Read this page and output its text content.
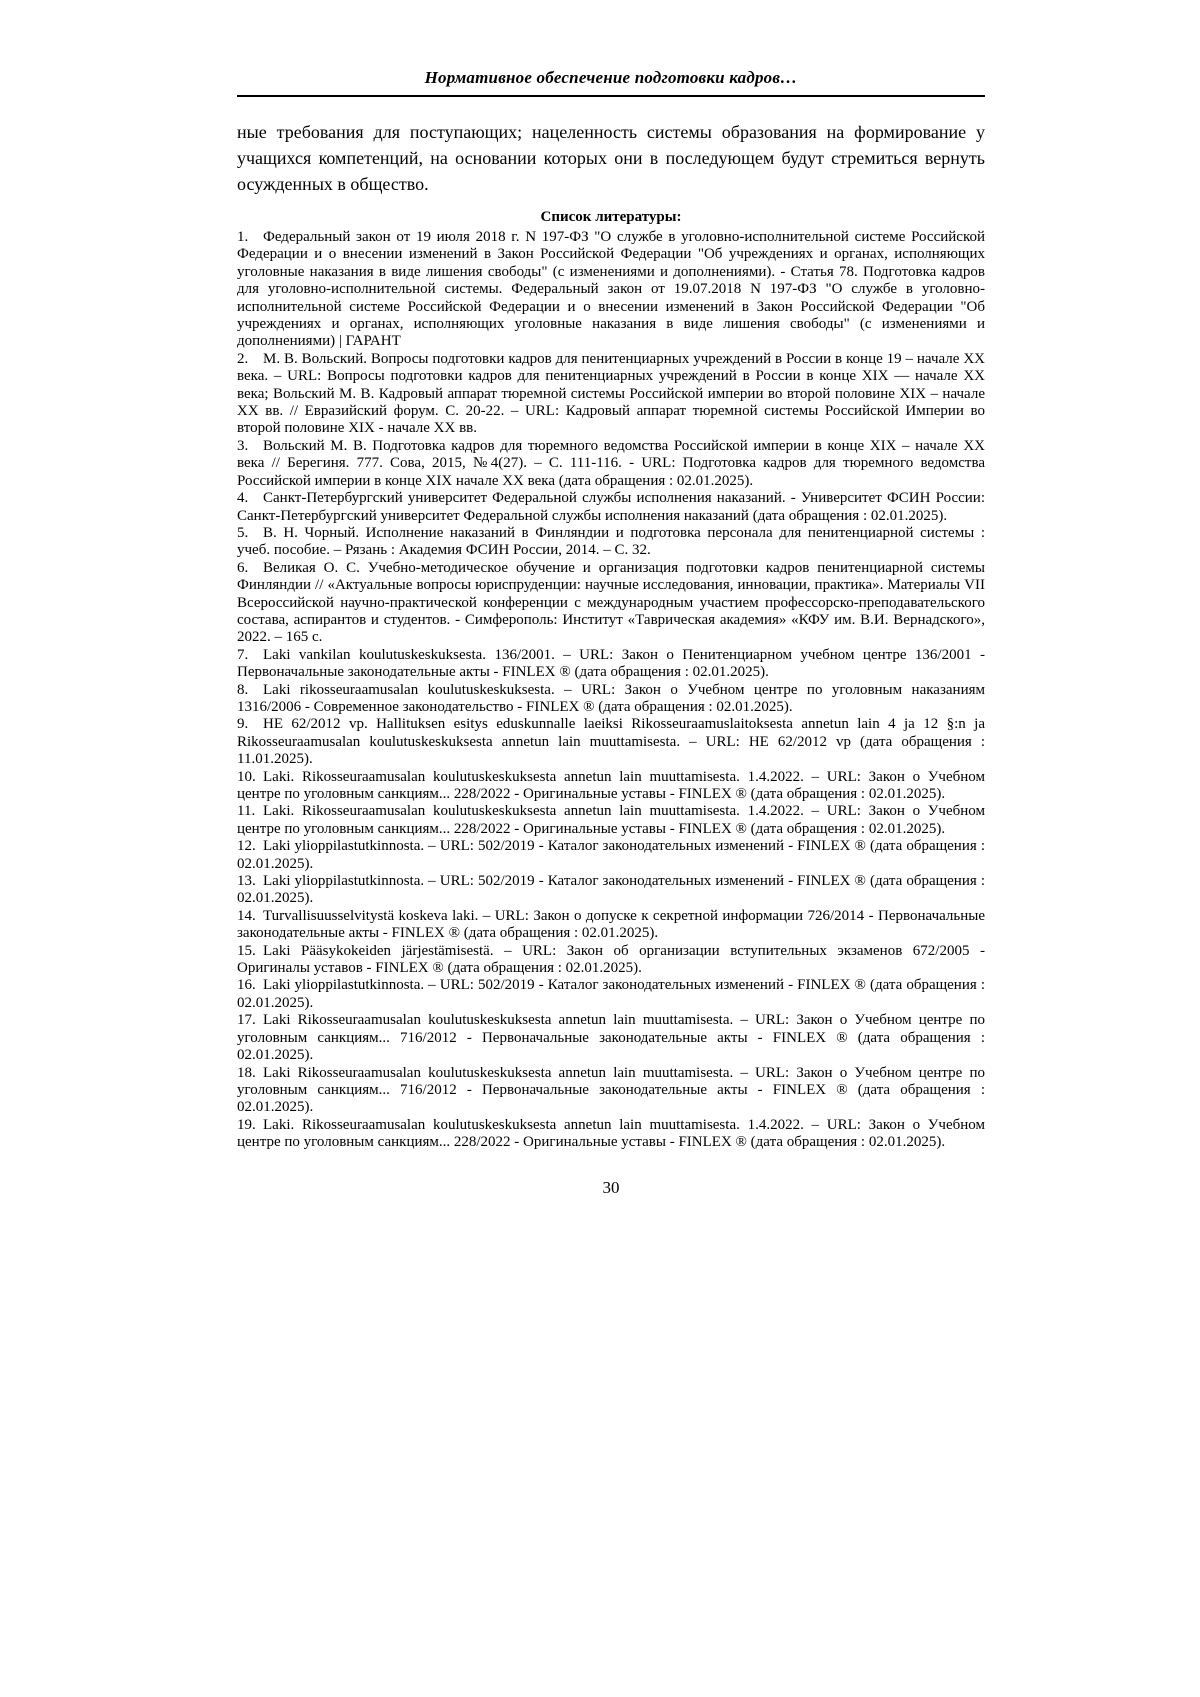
Нормативное обеспечение подготовки кадров…

ные требования для поступающих; нацеленность системы образования на формирование у учащихся компетенций, на основании которых они в последующем будут стремиться вернуть осужденных в общество.

Список литературы:

1. Федеральный закон от 19 июля 2018 г. N 197-ФЗ "О службе в уголовно-исполнительной системе Российской Федерации и о внесении изменений в Закон Российской Федерации "Об учреждениях и органах, исполняющих уголовные наказания в виде лишения свободы" (с изменениями и дополнениями). - Статья 78. Подготовка кадров для уголовно-исполнительной системы. Федеральный закон от 19.07.2018 N 197-ФЗ "О службе в уголовно-исполнительной системе Российской Федерации и о внесении изменений в Закон Российской Федерации "Об учреждениях и органах, исполняющих уголовные наказания в виде лишения свободы" (с изменениями и дополнениями) | ГАРАНТ

2. М. В. Вольский. Вопросы подготовки кадров для пенитенциарных учреждений в России в конце 19 – начале XX века. – URL: Вопросы подготовки кадров для пенитенциарных учреждений в России в конце XIX — начале XX века; Вольский М. В. Кадровый аппарат тюремной системы Российской империи во второй половине XIX – начале XX вв. // Евразийский форум. С. 20-22. – URL: Кадровый аппарат тюремной системы Российской Империи во второй половине XIX - начале XX вв.

3. Вольский М. В. Подготовка кадров для тюремного ведомства Российской империи в конце XIX – начале XX века // Берегиня. 777. Сова, 2015, №4(27). – С. 111-116. - URL: Подготовка кадров для тюремного ведомства Российской империи в конце XIX начале XX века (дата обращения : 02.01.2025).

4. Санкт-Петербургский университет Федеральной службы исполнения наказаний. - Университет ФСИН России: Санкт-Петербургский университет Федеральной службы исполнения наказаний (дата обращения : 02.01.2025).

5. В. Н. Чорный. Исполнение наказаний в Финляндии и подготовка персонала для пенитенциарной системы : учеб. пособие. – Рязань : Академия ФСИН России, 2014. – С. 32.

6. Великая О. С. Учебно-методическое обучение и организация подготовки кадров пенитенциарной системы Финляндии // «Актуальные вопросы юриспруденции: научные исследования, инновации, практика». Материалы VII Всероссийской научно-практической конференции с международным участием профессорско-преподавательского состава, аспирантов и студентов. - Симферополь: Институт «Таврическая академия» «КФУ им. В.И. Вернадского», 2022. – 165 с.

7. Laki vankilan koulutuskeskuksesta. 136/2001. – URL: Закон о Пенитенциарном учебном центре 136/2001 - Первоначальные законодательные акты - FINLEX ® (дата обращения : 02.01.2025).

8. Laki rikosseuraamusalan koulutuskeskuksesta. – URL: Закон о Учебном центре по уголовным наказаниям 1316/2006 - Современное законодательство - FINLEX ® (дата обращения : 02.01.2025).

9. HE 62/2012 vp. Hallituksen esitys eduskunnalle laeiksi Rikosseuraamuslaitoksesta annetun lain 4 ja 12 §:n ja Rikosseuraamusalan koulutuskeskuksesta annetun lain muuttamisesta. – URL: HE 62/2012 vp (дата обращения : 11.01.2025).

10. Laki. Rikosseuraamusalan koulutuskeskuksesta annetun lain muuttamisesta. 1.4.2022. – URL: Закон о Учебном центре по уголовным санкциям... 228/2022 - Оригинальные уставы - FINLEX ® (дата обращения : 02.01.2025).

11. Laki. Rikosseuraamusalan koulutuskeskuksesta annetun lain muuttamisesta. 1.4.2022. – URL: Закон о Учебном центре по уголовным санкциям... 228/2022 - Оригинальные уставы - FINLEX ® (дата обращения : 02.01.2025).

12. Laki ylioppilastutkinnosta. – URL: 502/2019 - Каталог законодательных изменений - FINLEX ® (дата обращения : 02.01.2025).

13. Laki ylioppilastutkinnosta. – URL: 502/2019 - Каталог законодательных изменений - FINLEX ® (дата обращения : 02.01.2025).

14. Turvallisuusselvitystä koskeva laki. – URL: Закон о допуске к секретной информации 726/2014 - Первоначальные законодательные акты - FINLEX ® (дата обращения : 02.01.2025).

15. Laki Pääsykokeiden järjestämisestä. – URL: Закон об организации вступительных экзаменов 672/2005 - Оригиналы уставов - FINLEX ® (дата обращения : 02.01.2025).

16. Laki ylioppilastutkinnosta. – URL: 502/2019 - Каталог законодательных изменений - FINLEX ® (дата обращения : 02.01.2025).

17. Laki Rikosseuraamusalan koulutuskeskuksesta annetun lain muuttamisesta. – URL: Закон о Учебном центре по уголовным санкциям... 716/2012 - Первоначальные законодательные акты - FINLEX ® (дата обращения : 02.01.2025).

18. Laki Rikosseuraamusalan koulutuskeskuksesta annetun lain muuttamisesta. – URL: Закон о Учебном центре по уголовным санкциям... 716/2012 - Первоначальные законодательные акты - FINLEX ® (дата обращения : 02.01.2025).

19. Laki. Rikosseuraamusalan koulutuskeskuksesta annetun lain muuttamisesta. 1.4.2022. – URL: Закон о Учебном центре по уголовным санкциям... 228/2022 - Оригинальные уставы - FINLEX ® (дата обращения : 02.01.2025).

30
